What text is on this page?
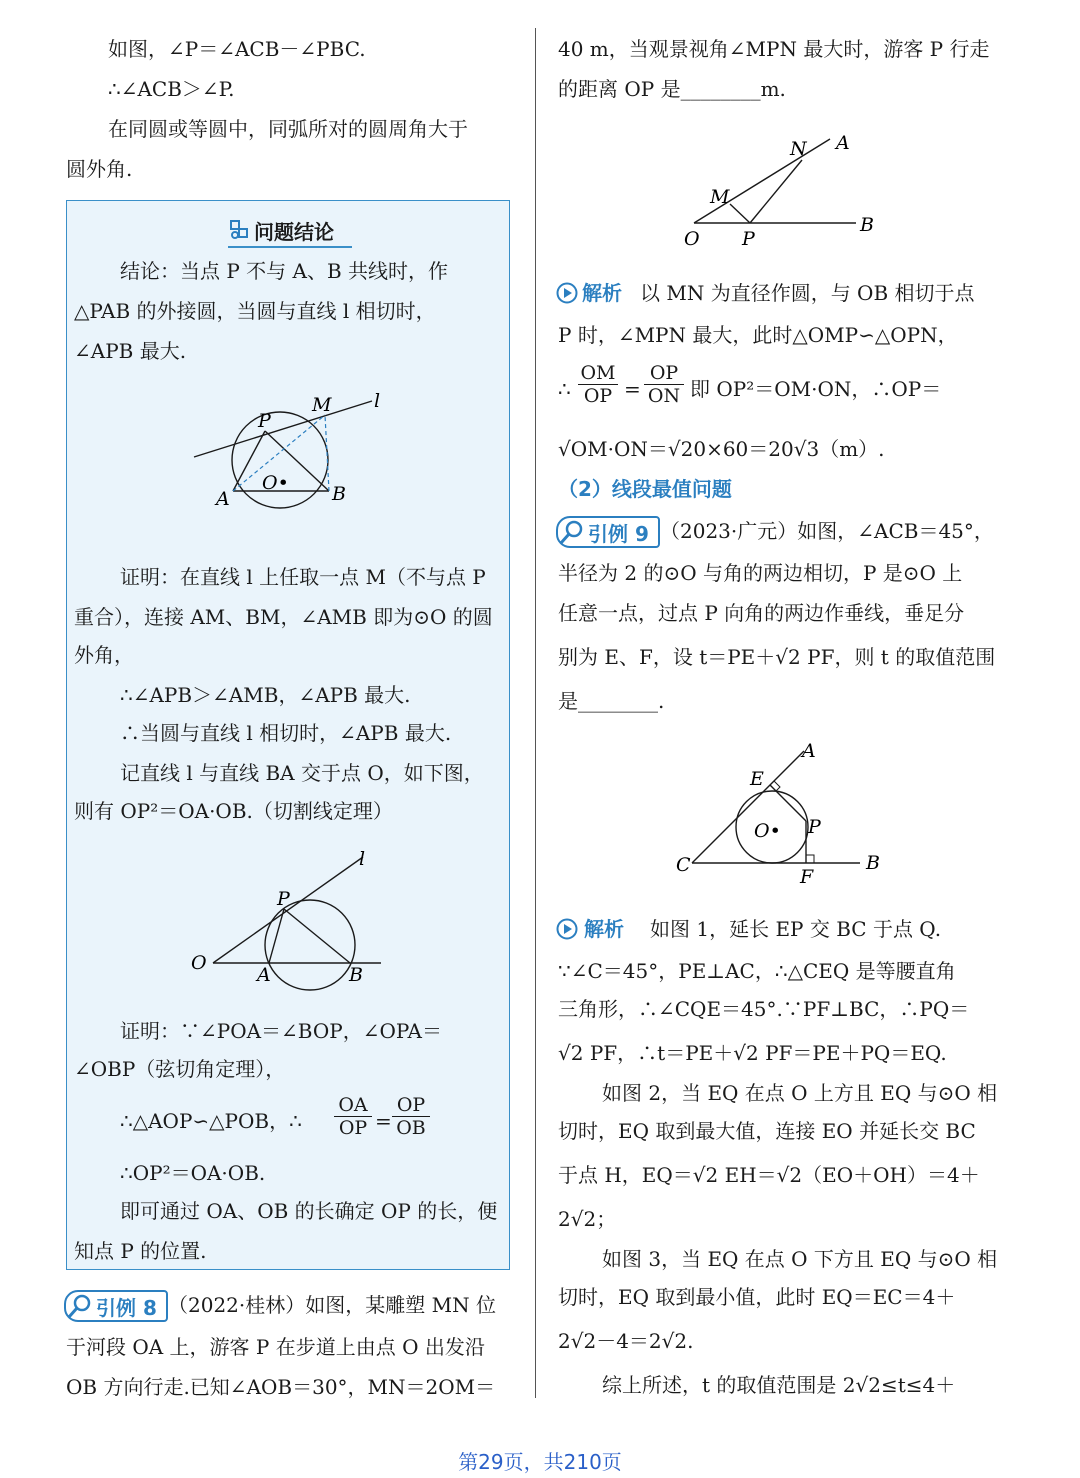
如图，∠P＝∠ACB－∠PBC.
∴∠ACB＞∠P.
在同圆或等圆中，同弧所对的圆周角大于
圆外角.
问题结论
结论：当点 P 不与 A、B 共线时，作
△PAB 的外接圆，当圆与直线 l 相切时，
∠APB 最大.
M l
P
O•
A	B
证明：在直线 l 上任取一点 M（不与点 P
重合），连接 AM、BM，∠AMB 即为⊙O 的圆
外角，
∴∠APB＞∠AMB，∠APB 最大.
∴当圆与直线 l 相切时，∠APB 最大.
记直线 l 与直线 BA 交于点 O，如下图，
则有 OP²＝OA·OB.（切割线定理）
l
P
O
A	B
证明：∵∠POA＝∠BOP，∠OPA＝
∠OBP（弦切角定理），
∴△AOP∽△POB，∴ $\frac{OA}{OP} = \frac{OP}{OB}$
∴OP²＝OA·OB.
即可通过 OA、OB 的长确定 OP 的长，便
知点 P 的位置.
引例 8 （2022·桂林）如图，某雕塑 MN 位
于河段 OA 上，游客 P 在步道上由点 O 出发沿
OB 方向行走.已知∠AOB＝30°，MN＝2OM＝
40 m，当观景视角∠MPN 最大时，游客 P 行走
的距离 OP 是________m.
N A
M
B
O P
解析 以 MN 为直径作圆，与 OB 相切于点
P 时，∠MPN 最大，此时△OMP∽△OPN，
∴ $\frac{OM}{OP} = \frac{OP}{ON}$ 即 OP²＝OM·ON，∴OP＝
√OM·ON＝√20×60＝20√3（m）.
（2）线段最值问题
引例 9 （2023·广元）如图，∠ACB＝45°，
半径为 2 的⊙O 与角的两边相切，P 是⊙O 上
任意一点，过点 P 向角的两边作垂线，垂足分
别为 E、F，设 t＝PE＋√2 PF，则 t 的取值范围
是________.
A
E
O• P
C	B
F
解析 如图 1，延长 EP 交 BC 于点 Q.
∵∠C＝45°，PE⊥AC，∴△CEQ 是等腰直角
三角形，∴∠CQE＝45°.∵PF⊥BC，∴PQ＝
√2 PF，∴t＝PE＋√2 PF＝PE＋PQ＝EQ.
如图 2，当 EQ 在点 O 上方且 EQ 与⊙O 相
切时，EQ 取到最大值，连接 EO 并延长交 BC
于点 H，EQ＝√2 EH＝√2（EO＋OH）＝4＋
2√2；
如图 3，当 EQ 在点 O 下方且 EQ 与⊙O 相
切时，EQ 取到最小值，此时 EQ＝EC＝4＋
2√2－4＝2√2.
综上所述，t 的取值范围是 2√2≤t≤4＋
第29页，共210页
